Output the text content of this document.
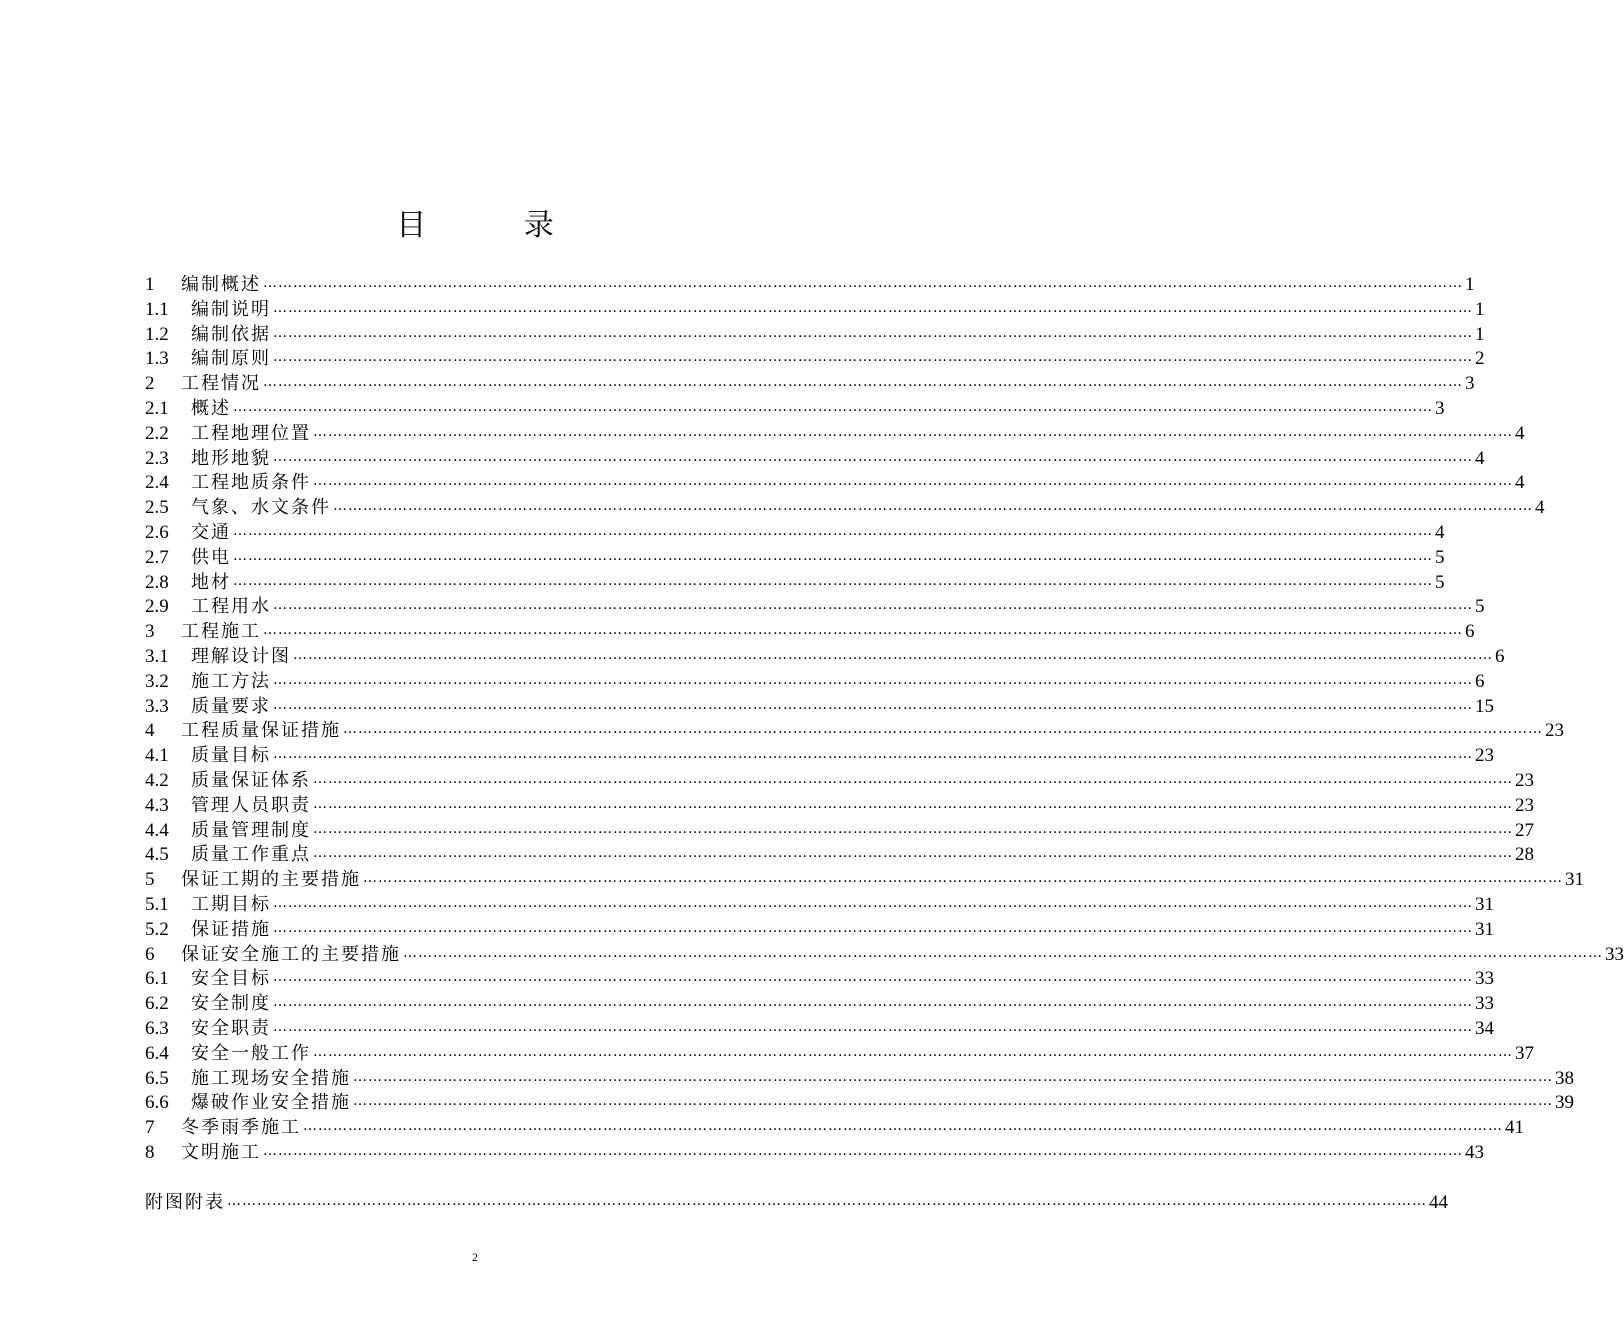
目 录
1	编制概述 …………………………………………………………………………………………………………………………………………………………………………………………………………………… 1
1.1	编制说明 …………………………………………………………………………………………………………………………………………………………………………………………………………………… 1
1.2	编制依据 …………………………………………………………………………………………………………………………………………………………………………………………………………………… 1
1.3	编制原则 …………………………………………………………………………………………………………………………………………………………………………………………………………………… 2
2	工程情况 …………………………………………………………………………………………………………………………………………………………………………………………………………………… 3
2.1	概述 …………………………………………………………………………………………………………………………………………………………………………………………………………………… 3
2.2	工程地理位置 …………………………………………………………………………………………………………………………………………………………………………………………………………………… 4
2.3	地形地貌 …………………………………………………………………………………………………………………………………………………………………………………………………………………… 4
2.4	工程地质条件 …………………………………………………………………………………………………………………………………………………………………………………………………………………… 4
2.5	气象、水文条件 …………………………………………………………………………………………………………………………………………………………………………………………………………………… 4
2.6	交通 …………………………………………………………………………………………………………………………………………………………………………………………………………………… 4
2.7	供电 …………………………………………………………………………………………………………………………………………………………………………………………………………………… 5
2.8	地材 …………………………………………………………………………………………………………………………………………………………………………………………………………………… 5
2.9	工程用水 …………………………………………………………………………………………………………………………………………………………………………………………………………………… 5
3	工程施工 …………………………………………………………………………………………………………………………………………………………………………………………………………………… 6
3.1	理解设计图 …………………………………………………………………………………………………………………………………………………………………………………………………………………… 6
3.2	施工方法 …………………………………………………………………………………………………………………………………………………………………………………………………………………… 6
3.3	质量要求 …………………………………………………………………………………………………………………………………………………………………………………………………………………… 15
4	工程质量保证措施 …………………………………………………………………………………………………………………………………………………………………………………………………………………… 23
4.1	质量目标 …………………………………………………………………………………………………………………………………………………………………………………………………………………… 23
4.2	质量保证体系 …………………………………………………………………………………………………………………………………………………………………………………………………………………… 23
4.3	管理人员职责 …………………………………………………………………………………………………………………………………………………………………………………………………………………… 23
4.4	质量管理制度 …………………………………………………………………………………………………………………………………………………………………………………………………………………… 27
4.5	质量工作重点 …………………………………………………………………………………………………………………………………………………………………………………………………………………… 28
5	保证工期的主要措施 …………………………………………………………………………………………………………………………………………………………………………………………………………………… 31
5.1	工期目标 …………………………………………………………………………………………………………………………………………………………………………………………………………………… 31
5.2	保证措施 …………………………………………………………………………………………………………………………………………………………………………………………………………………… 31
6	保证安全施工的主要措施 …………………………………………………………………………………………………………………………………………………………………………………………………………………… 33
6.1	安全目标 …………………………………………………………………………………………………………………………………………………………………………………………………………………… 33
6.2	安全制度 …………………………………………………………………………………………………………………………………………………………………………………………………………………… 33
6.3	安全职责 …………………………………………………………………………………………………………………………………………………………………………………………………………………… 34
6.4	安全一般工作 …………………………………………………………………………………………………………………………………………………………………………………………………………………… 37
6.5	施工现场安全措施 …………………………………………………………………………………………………………………………………………………………………………………………………………………… 38
6.6	爆破作业安全措施 …………………………………………………………………………………………………………………………………………………………………………………………………………………… 39
7	冬季雨季施工 …………………………………………………………………………………………………………………………………………………………………………………………………………………… 41
8	文明施工 …………………………………………………………………………………………………………………………………………………………………………………………………………………… 43
附图附表 …………………………………………………………………………………………………………………………………………………………………………………………………………………… 44
2
